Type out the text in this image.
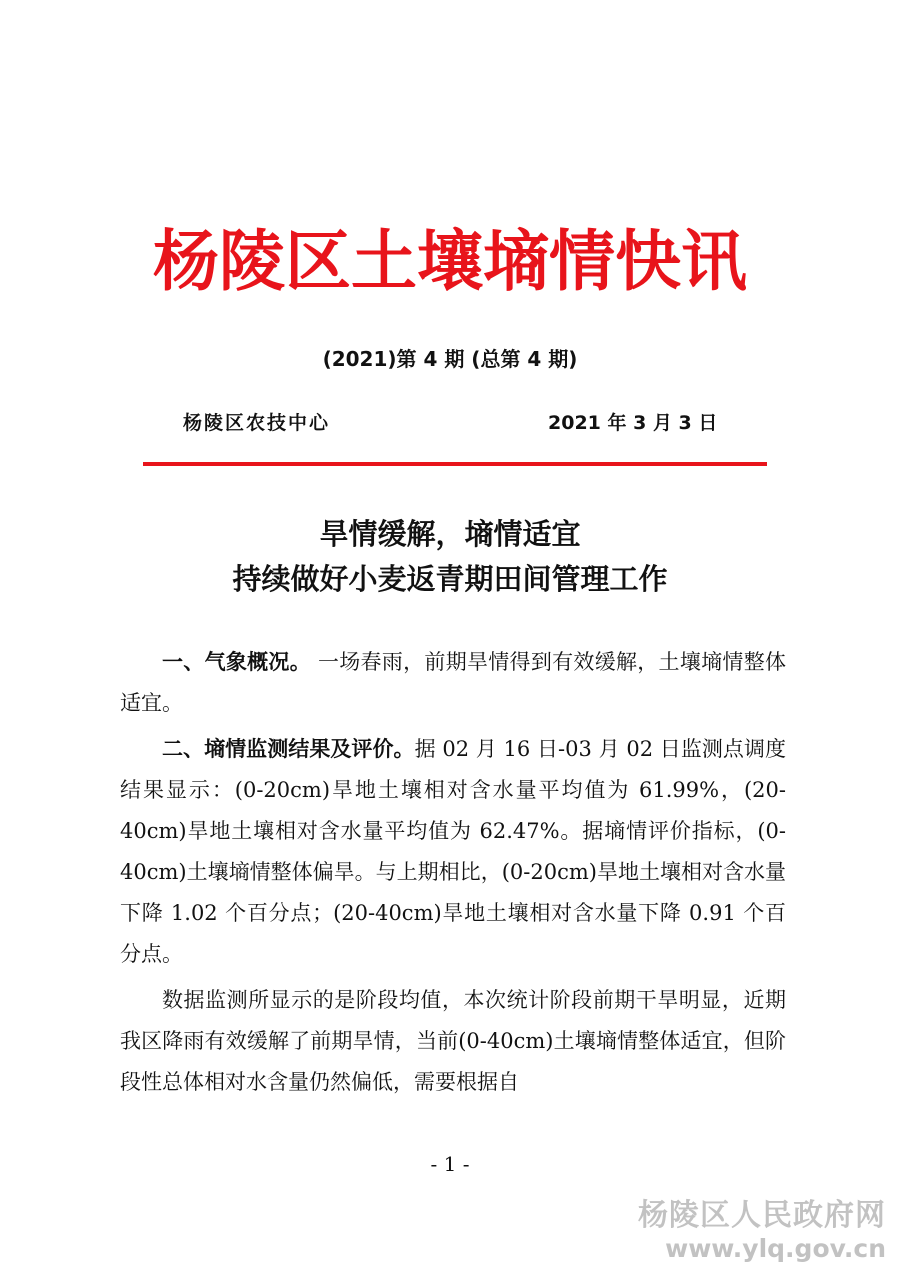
杨陵区土壤墒情快讯
(2021)第 4 期 (总第 4 期)
杨陵区农技中心	2021 年 3 月 3 日
旱情缓解，墒情适宜
持续做好小麦返青期田间管理工作

一、气象概况。 一场春雨，前期旱情得到有效缓解，土壤墒情整体适宜。

二、墒情监测结果及评价。据 02 月 16 日-03 月 02 日监测点调度结果显示：(0-20cm)旱地土壤相对含水量平均值为 61.99%，(20-40cm)旱地土壤相对含水量平均值为 62.47%。据墒情评价指标，(0-40cm)土壤墒情整体偏旱。与上期相比，(0-20cm)旱地土壤相对含水量下降 1.02 个百分点；(20-40cm)旱地土壤相对含水量下降 0.91 个百分点。

数据监测所显示的是阶段均值，本次统计阶段前期干旱明显，近期我区降雨有效缓解了前期旱情，当前(0-40cm)土壤墒情整体适宜，但阶段性总体相对水含量仍然偏低，需要根据自

- 1 -
杨陵区人民政府网
www.ylq.gov.cn
